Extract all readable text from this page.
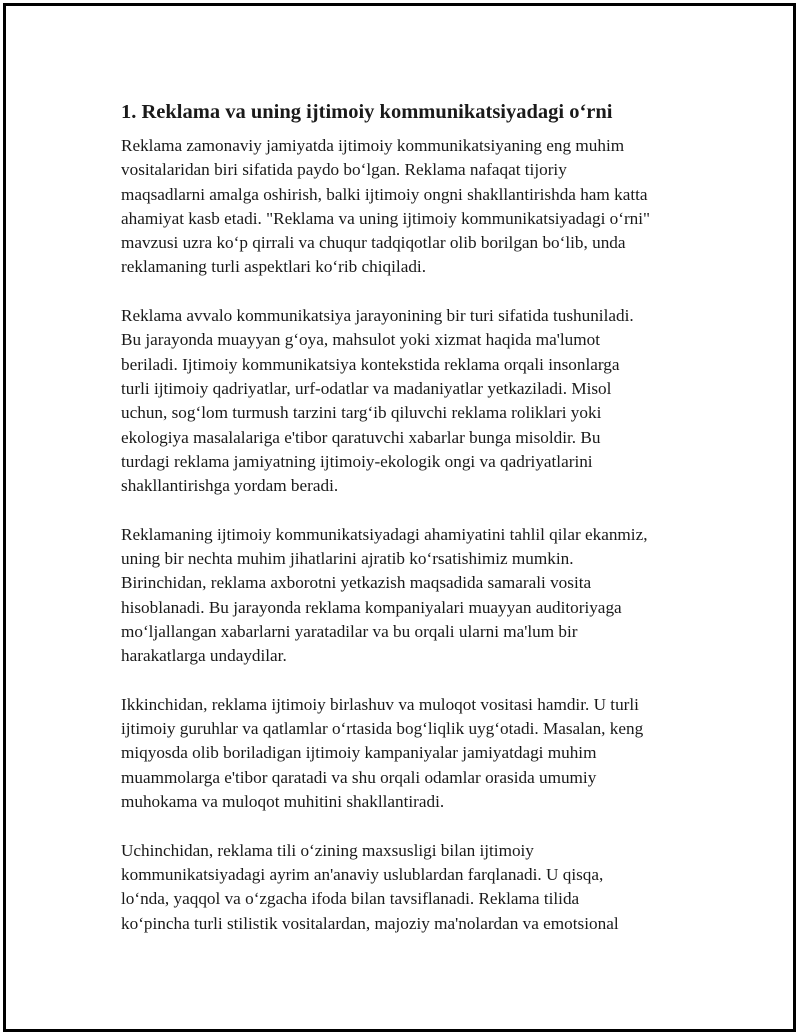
1. Reklama va uning ijtimoiy kommunikatsiyadagi o‘rni

Reklama zamonaviy jamiyatda ijtimoiy kommunikatsiyaning eng muhim
vositalaridan biri sifatida paydo bo‘lgan. Reklama nafaqat tijoriy
maqsadlarni amalga oshirish, balki ijtimoiy ongni shakllantirishda ham katta
ahamiyat kasb etadi. "Reklama va uning ijtimoiy kommunikatsiyadagi o‘rni"
mavzusi uzra ko‘p qirrali va chuqur tadqiqotlar olib borilgan bo‘lib, unda
reklamaning turli aspektlari ko‘rib chiqiladi.

Reklama avvalo kommunikatsiya jarayonining bir turi sifatida tushuniladi.
Bu jarayonda muayyan g‘oya, mahsulot yoki xizmat haqida ma'lumot
beriladi. Ijtimoiy kommunikatsiya kontekstida reklama orqali insonlarga
turli ijtimoiy qadriyatlar, urf-odatlar va madaniyatlar yetkaziladi. Misol
uchun, sog‘lom turmush tarzini targ‘ib qiluvchi reklama roliklari yoki
ekologiya masalalariga e'tibor qaratuvchi xabarlar bunga misoldir. Bu
turdagi reklama jamiyatning ijtimoiy-ekologik ongi va qadriyatlarini
shakllantirishga yordam beradi.

Reklamaning ijtimoiy kommunikatsiyadagi ahamiyatini tahlil qilar ekanmiz,
uning bir nechta muhim jihatlarini ajratib ko‘rsatishimiz mumkin.
Birinchidan, reklama axborotni yetkazish maqsadida samarali vosita
hisoblanadi. Bu jarayonda reklama kompaniyalari muayyan auditoriyaga
mo‘ljallangan xabarlarni yaratadilar va bu orqali ularni ma'lum bir
harakatlarga undaydilar.

Ikkinchidan, reklama ijtimoiy birlashuv va muloqot vositasi hamdir. U turli
ijtimoiy guruhlar va qatlamlar o‘rtasida bog‘liqlik uyg‘otadi. Masalan, keng
miqyosda olib boriladigan ijtimoiy kampaniyalar jamiyatdagi muhim
muammolarga e'tibor qaratadi va shu orqali odamlar orasida umumiy
muhokama va muloqot muhitini shakllantiradi.

Uchinchidan, reklama tili o‘zining maxsusligi bilan ijtimoiy
kommunikatsiyadagi ayrim an'anaviy uslublardan farqlanadi. U qisqa,
lo‘nda, yaqqol va o‘zgacha ifoda bilan tavsiflanadi. Reklama tilida
ko‘pincha turli stilistik vositalardan, majoziy ma'nolardan va emotsional
